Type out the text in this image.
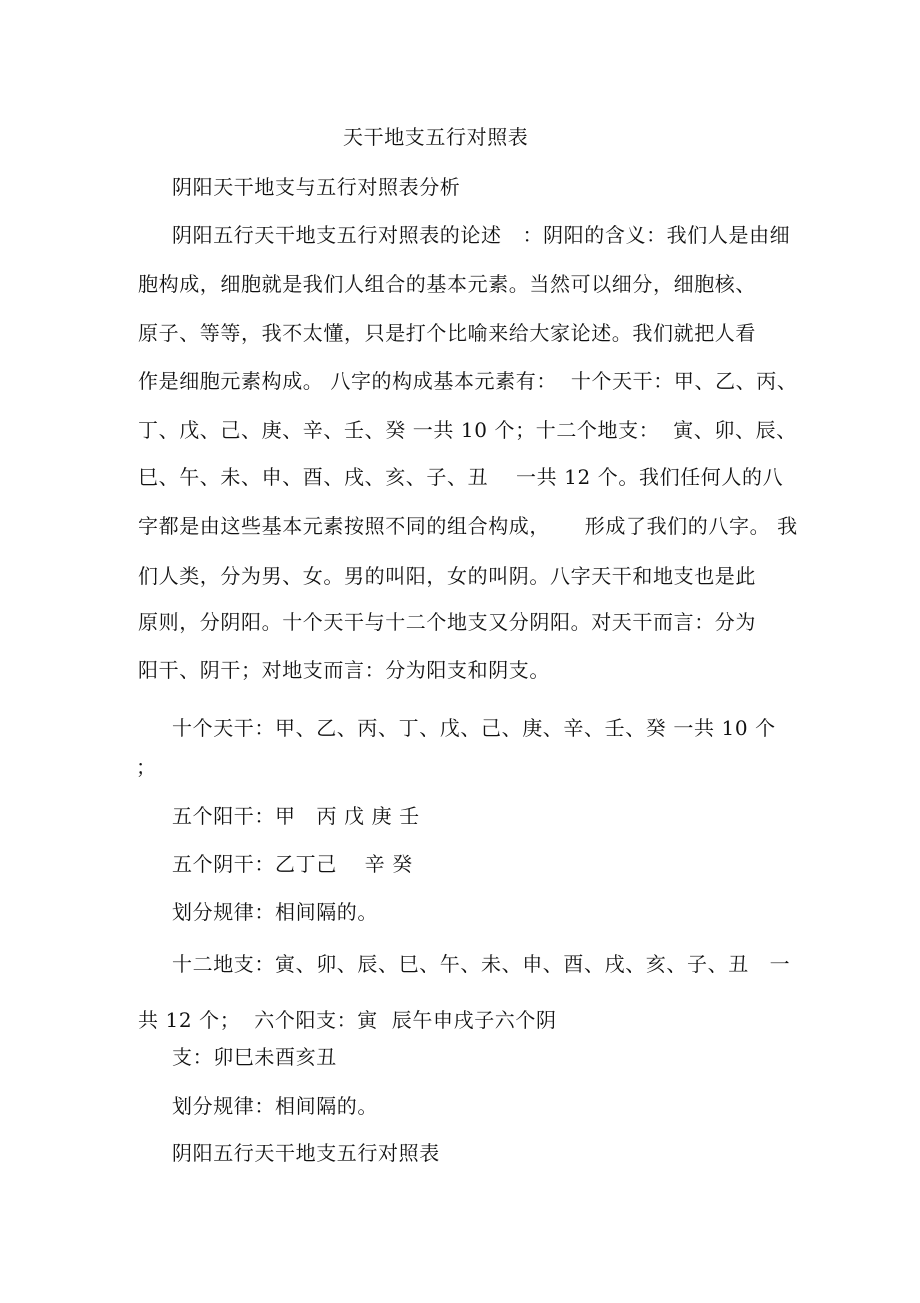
天干地支五行对照表
阴阳天干地支与五行对照表分析
阴阳五行天干地支五行对照表的论述   ：阴阳的含义：我们人是由细
胞构成，细胞就是我们人组合的基本元素。当然可以细分，细胞核、
原子、等等，我不太懂，只是打个比喻来给大家论述。我们就把人看
作是细胞元素构成。 八字的构成基本元素有：  十个天干：甲、乙、丙、
丁、戊、己、庚、辛、壬、癸 一共 10 个；十二个地支：  寅、卯、辰、
巳、午、未、申、酉、戌、亥、子、丑    一共 12 个。我们任何人的八
字都是由这些基本元素按照不同的组合构成，     形成了我们的八字。 我
们人类，分为男、女。男的叫阳，女的叫阴。八字天干和地支也是此
原则，分阴阳。十个天干与十二个地支又分阴阳。对天干而言：分为
阳干、阴干；对地支而言：分为阳支和阴支。
十个天干：甲、乙、丙、丁、戊、己、庚、辛、壬、癸 一共 10 个
；
五个阳干：甲   丙 戊 庚 壬
五个阴干：乙丁己    辛 癸
划分规律：相间隔的。
十二地支：寅、卯、辰、巳、午、未、申、酉、戌、亥、子、丑   一
共 12 个；  六个阳支：寅  辰午申戌子六个阴
支：卯巳未酉亥丑
划分规律：相间隔的。
阴阳五行天干地支五行对照表
